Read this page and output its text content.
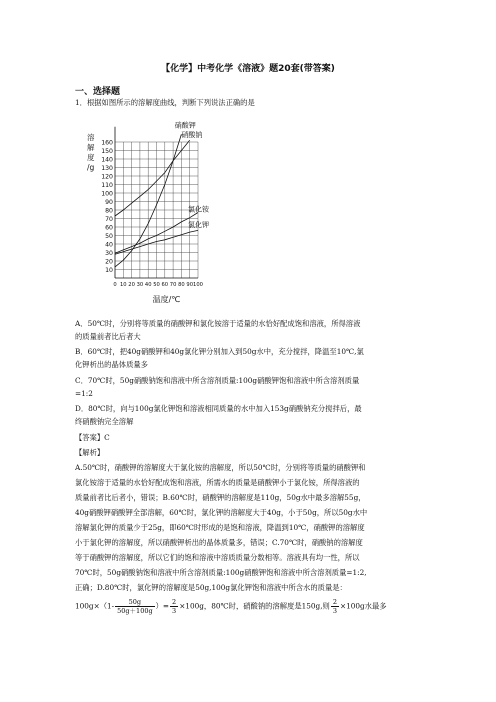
【化学】中考化学《溶液》题20套(带答案)
一、选择题
1．根据如图所示的溶解度曲线，判断下列说法正确的是
10
20
30
40
50
60
70
80
90
100
110
120
130
140
150
160
0 10 20 30 40 50 60 70 80 90 100
溶
解
度
/g
温度/℃
硝酸钾
硝酸钠
氯化铵
氯化钾
A．50℃时，分别将等质量的硝酸钾和氯化铵溶于适量的水恰好配成饱和溶液，所得溶液
的质量前者比后者大
B．60℃时，把40g硝酸钾和40g氯化钾分别加入到50g水中，充分搅拌，降温至10℃,氯
化钾析出的晶体质量多
C．70℃时，50g硝酸钠饱和溶液中所含溶剂质量:100g硝酸钾饱和溶液中所含溶剂质量
=1:2
D．80℃时，向与100g氯化钾饱和溶液相同质量的水中加入153g硝酸钠充分搅拌后，最
终硝酸钠完全溶解
【答案】C
【解析】
A.50℃时，硝酸钾的溶解度大于氯化铵的溶解度，所以50℃时，分别将等质量的硝酸钾和
氯化铵溶于适量的水恰好配成饱和溶液，所需水的质量是硝酸钾小于氯化铵，所得溶液的
质量前者比后者小，错误；B.60℃时，硝酸钾的溶解度是110g，50g水中最多溶解55g，
40g硝酸钾硝酸钾全部溶解，60℃时，氯化钾的溶解度大于40g，小于50g，所以50g水中
溶解氯化钾的质量少于25g，即60℃时形成的是饱和溶液，降温到10℃，硝酸钾的溶解度
小于氯化钾的溶解度，所以硝酸钾析出的晶体质量多，错误；C.70℃时，硝酸钠的溶解度
等于硝酸钾的溶解度，所以它们的饱和溶液中溶质质量分数相等。溶液具有均一性，所以
70℃时，50g硝酸钠饱和溶液中所含溶剂质量:100g硝酸钾饱和溶液中所含溶剂质量=1:2,
正确；D.80℃时，氯化钾的溶解度是50g,100g氯化钾饱和溶液中所含水的质量是：
$100g\times(1- \frac{50g}{50g+100g}$ ）= $\frac{2}{3} \times 100g$，80℃时，硝酸钠的溶解度是150g,则 $\frac{2}{3} \times 100g$水最多
